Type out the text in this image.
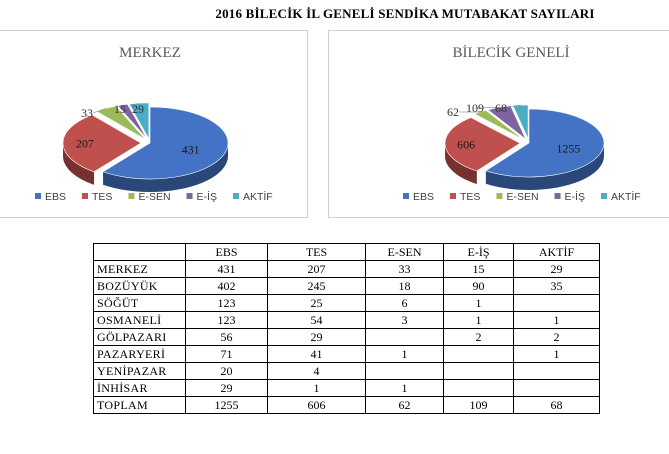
2016 BİLECİK İL GENELİ SENDİKA MUTABAKAT SAYILARI
MERKEZ
431
207
33 15 29
EBS TES E-SEN E-İŞ AKTİF
BİLECİK GENELİ
1255
606
62 109 68
EBS TES E-SEN E-İŞ AKTİF
	EBS	TES	E-SEN	E-İŞ	AKTİF
MERKEZ	431	207	33	15	29
BOZÜYÜK	402	245	18	90	35
SÖĞÜT	123	25	6	1	
OSMANELİ	123	54	3	1	1
GÖLPAZARI	56	29		2	2
PAZARYERİ	71	41	1		1
YENİPAZAR	20	4			
İNHİSAR	29	1	1		
TOPLAM	1255	606	62	109	68
